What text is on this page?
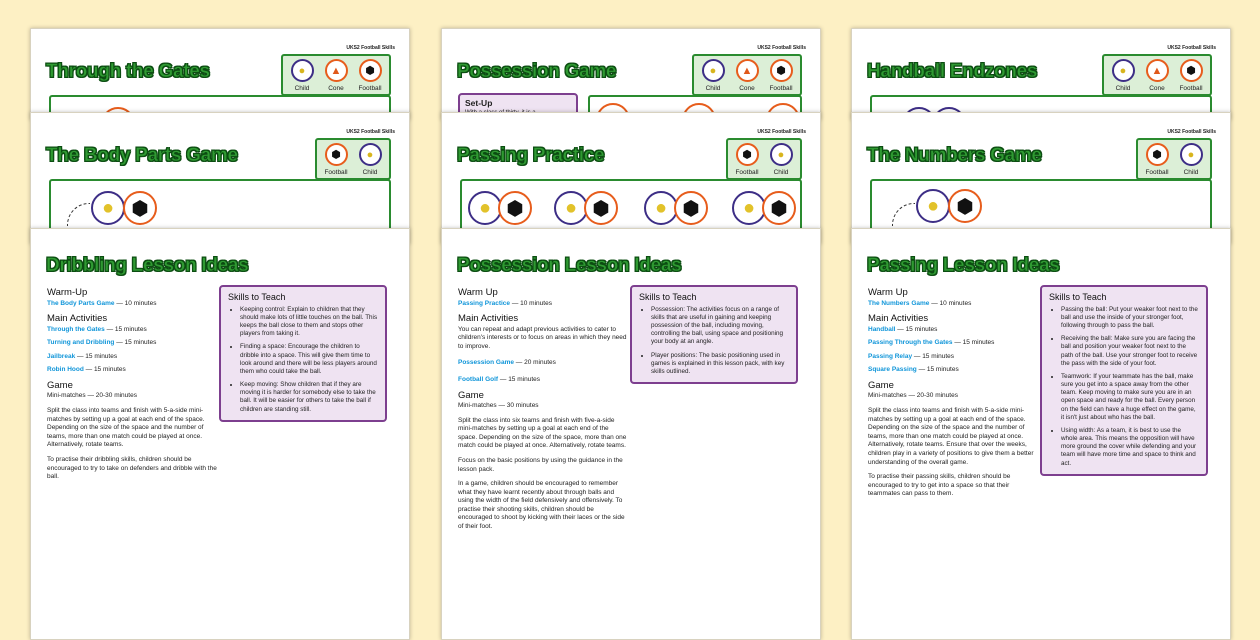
UKS2 Football Skills
Through the Gates	●
Child
▲
Cone
⬢
Football
UKS2 Football Skills
Possession Game	●
Child
▲
Cone
⬢
Football
Set-Up
UKS2 Football Skills
Handball Endzones	●
Child
▲
Cone
⬢
Football
UKS2 Football Skills
The Body Parts Game	⬢
Football
●
Child
● ⬢
UKS2 Football Skills
Passing Practice	⬢
Football
●
Child
● ⬢	● ⬢	● ⬢	● ⬢
UKS2 Football Skills
The Numbers Game	⬢
Football
●
Child
● ⬢
Dribbling Lesson Ideas
Warm-Up
The Body Parts Game — 10 minutes
Main Activities
Through the Gates — 15 minutes
Turning and Dribbling — 15 minutes
Jailbreak — 15 minutes
Robin Hood — 15 minutes
Game
Mini-matches — 20-30 minutes
Split the class into teams and finish with 5-a-side mini-matches by setting up a goal at each end of the space. Depending on the size of the space and the number of teams, more than one match could be played at once. Alternatively, rotate teams.
To practise their dribbling skills, children should be encouraged to try to take on defenders and dribble with the ball.
Skills to Teach
• Keeping control: Explain to children that they should make lots of little touches on the ball. This keeps the ball close to them and stops other players from taking it.
• Finding a space: Encourage the children to dribble into a space. This will give them time to look around and there will be less players around them who could take the ball.
• Keep moving: Show children that if they are moving it is harder for somebody else to take the ball. It will be easier for others to take the ball if children are standing still.
Possession Lesson Ideas
Warm Up
Passing Practice — 10 minutes
Main Activities
You can repeat and adapt previous activities to cater to children's interests or to focus on areas in which they need to improve.
Possession Game — 20 minutes
Football Golf — 15 minutes
Game
Mini-matches — 30 minutes
Split the class into six teams and finish with five-a-side mini-matches by setting up a goal at each end of the space. Depending on the size of the space, more than one match could be played at once. Alternatively, rotate teams.
Focus on the basic positions by using the guidance in the lesson pack.
In a game, children should be encouraged to remember what they have learnt recently about through balls and using the width of the field defensively and offensively. To practise their shooting skills, children should be encouraged to shoot by kicking with their laces or the side of their foot.
Skills to Teach
• Possession: The activities focus on a range of skills that are useful in gaining and keeping possession of the ball, including moving, controlling the ball, using space and positioning your body at an angle.
• Player positions: The basic positioning used in games is explained in this lesson pack, with key skills outlined.
Passing Lesson Ideas
Warm Up
The Numbers Game — 10 minutes
Main Activities
Handball — 15 minutes
Passing Through the Gates — 15 minutes
Passing Relay — 15 minutes
Square Passing — 15 minutes
Game
Mini-matches — 20-30 minutes
Split the class into teams and finish with 5-a-side mini-matches by setting up a goal at each end of the space. Depending on the size of the space and the number of teams, more than one match could be played at once. Alternatively, rotate teams. Ensure that over the weeks, children play in a variety of positions to give them a better understanding of the overall game.
To practise their passing skills, children should be encouraged to try to get into a space so that their teammates can pass to them.
Skills to Teach
• Passing the ball: Put your weaker foot next to the ball and use the inside of your stronger foot, following through to pass the ball.
• Receiving the ball: Make sure you are facing the ball and position your weaker foot next to the path of the ball. Use your stronger foot to receive the pass with the side of your foot.
• Teamwork: If your teammate has the ball, make sure you get into a space away from the other team. Keep moving to make sure you are in an open space and ready for the ball. Every person on the field can have a huge effect on the game, it isn't just about who has the ball.
• Using width: As a team, it is best to use the whole area. This means the opposition will have more ground the cover while defending and your team will have more time and space to think and act.
